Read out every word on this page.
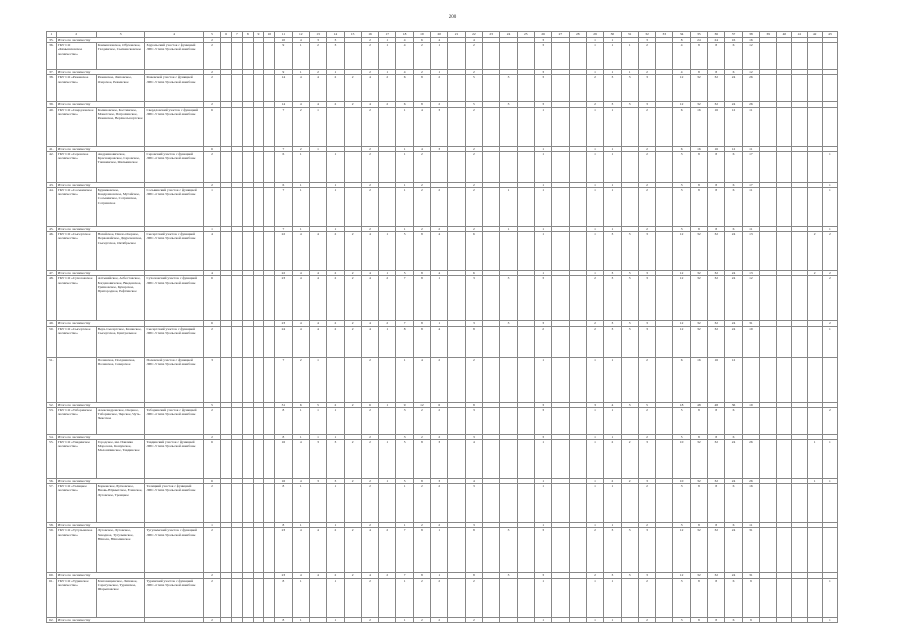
200
1	2	3	4	5	6	7	8	9	10	11	12	13	14	15	16	17	18	19	20	21	22	23	24	25	26	27	28	29	30	31	32	33	34	35	36	37	38	39	40	41	42	43
35.	Итого по лесничеству			2						10	4	3	3		2	1	4	6	4		4				3			1	1		3		8	24	24	16	16					
36.	ГКУ СО «Камышловское лесничество»	Камышловское, Обуховское, Галдинское, Сылвенсковское	Зауральский участок с функцией ЛПС-3 типа Уральской авиабазы	2						9	1	2	3		2	1	4	2	1		2				3			1	1	1	2		4	8	8	6	12					
37.	Итого по лесничеству			2						9	1	2	1		2	1	4	2	1		2				3			1	1	1	2		4	8	8	6	12					
38.	ГКУ СО «Режевское лесничество»	Режевское, Липовское, Озерское, Режевское	Режевской участок с функцией ЛПС-3 типа Уральской авиабазы	2						14	4	4	2	2	4	2	6	8	2		5		3		3			2	3	3	3		12	32	32	24	26					
39.	Итого по лесничеству			2						14	4	4	2	2	4	2	6	8	2		5		3		3			2	3	3	3		12	32	32	24	26					
40.	ГКУ СО «Свердловское лесничество»	Калиновское, Костинское, Монетское, Патрохинское, Режевское, Верхнесысертское	Свердловский участок с функцией ЛПС-3 типа Уральской авиабазы	6						7	2	1			2		1	4	3		2				1			1	1		2		6	16	16	12	11					
41.	Итого по лесничеству			6						7	2	1			2		1	4	3		2				1			1	1		2		6	16	16	12	11					
42.	ГКУ СО «Серовское лесничество»	Андриановичское, Краснояровское, Серовское, Ташкинское, Филькинское	Серовский участок с функцией ЛПС-4 типа Уральской авиабазы	2						6	1		1		2		1	2			2				1			1	1		2		3	8	8	6	17					1
43.	Итого по лесничеству			2						6	1		1		2		1	2			2				1			1	1		2		3	8	8	6	17					1
44.	ГКУ СО «Сосьвинское лесничество»	Будниковское, Кондрашовское, Мугайское, Сосьвинское, Сотринское, Сотринское	Сосьвинский участок с функцией ЛПС-4 типа Уральской авиабазы	1						7	1		1		2		1	2	2		2		1		1			1	1		2		3	8	8	6	11					1
45.	Итого по лесничеству			1						7	1		1		2		1	2	2		2		1		1			1	1		2		3	8	8	6	11					1
46.	ГКУ СО «Сысертское лесничество»	Нахайское, Павло-Озерное, Первомайское, Двуреченское, Сысертское, Октябрьское	Сысертский участок с функцией ЛПС-3 типа Уральской авиабазы	4						22	4	4	2	2	4	1	5	8	4		6				1			1	3	3	3		12	32	32	24	13				2	2
47.	Итого по лесничеству			4						22	4	4	2	2	4	1	5	8	4		6				1			1	3	3	3		12	32	32	24	13				2	2
48.	ГКУ СО «Сухоложское лесничество»	Алтынайское, Асбестовское, Богдановичское, Введенское, Грязновское, Кунарское, Пригородное, Рефтинское	Сухоложский участок с функцией ЛПС-3 типа Уральской авиабазы	6						23	4	4	2	2	4	2	7	8	1		3		3		3			2	3	3	3		12	32	32	24	12					2
49.	Итого по лесничеству			6						23	4	4	2	2	4	2	7	8	1		3		3		3			2	3	3	3		12	32	32	24	31					2
50.	ГКУ СО «Сысертское лесничество»	Верх-Сысертское, Казанское, Сысертское, Центральное	Сысертский участок с функцией ЛПС-3 типа Уральской авиабазы	2						24	4	4	2	2	4	1	8	8	4		8				2			2	3	3	3		12	32	32	24	19					1
51.		Полевское, Полдневское, Полевское, Северское	Полевской участок с функцией ЛПС-3 типа Уральской авиабазы	3						7	2	1			2		1	4	2		2				1			1	1		2		6	16	16	12						
52.	Итого по лесничеству			5						31	6	5	2	2	6	1	9	12	6		8				3			3	4	3	5		18	48	48	36	19					
53.	ГКУ СО «Таборинское лесничество»	Александровское, Озерное, Таборинское, Черское, Чуть-Чексское	Таборинский участок с функцией ЛПС-4 типа Уральской авиабазы	2						8	1	1	1		2		3	2	2		3				3			1	1		2		5	8	8	6						2
54.	Итого по лесничеству			2						8	1	1	1		2		3	2	2		3				3			1	1		2		5	8	8	6						
55.	ГКУ СО «Тавдинское лесничество»	Городское, им. Павлика Морозова, Кошукское, Малошпинское, Тавдинское	Тавдинский участок с функцией ЛПС-3 типа Уральской авиабазы	6						16	4	3	3	2	2	1	5	8	3		4				1			1	2	2	3		10	32	32	24	26				1	1
56.	Итого по лесничеству			6						16	4	3	3	2	2	1	5	8	3		4				1			1	2	2	3		10	32	32	24	26				1	1
57.	ГКУ СО «Талицкое лесничество»	Борковское, Бутковское, Вновь-Юрмытское, Еланское, Луговское, Троицкое	Талицкий участок с функцией ЛПС-3 типа Уральской авиабазы	2						8	1		1		2		1	2	2		3				1			1	1		2		3	8	8	6	16					
58.	Итого по лесничеству			1						8	1		1		2		1	2	2		3				1			1	1		2		3	8	8	6	11					
59.	ГКУ СО «Тугулымское лесничество»	Луговское, Луговское, Заводное, Тугулымское, Юшала, Юшалинское	Тугулымский участок с функцией ЛПС-3 типа Уральской авиабазы	2						23	4	4	2	2	4	2	7	8	1		8		3		3			2	3	3	3		12	32	32	24	31					
60.	Итого по лесничеству			2						23	4	4	2	2	4	2	7	8	1		8		3		3			2	3	3	3		12	32	32	24	31					
61.	ГКУ СО «Туринское лесничество»	Благовещенское, Липовое, Сарагульское, Туринское, Шарыповское	Туринский участок с функцией ЛПС-4 типа Уральской авиабазы	2						8	1		1		2		1	2	2		2				1			1	1		2		3	8	8	6	9					1
62.	Итого по лесничеству			2						8	1		1		2		1	2	2		2				1			1	1		2		3	8	8	6	9					1
